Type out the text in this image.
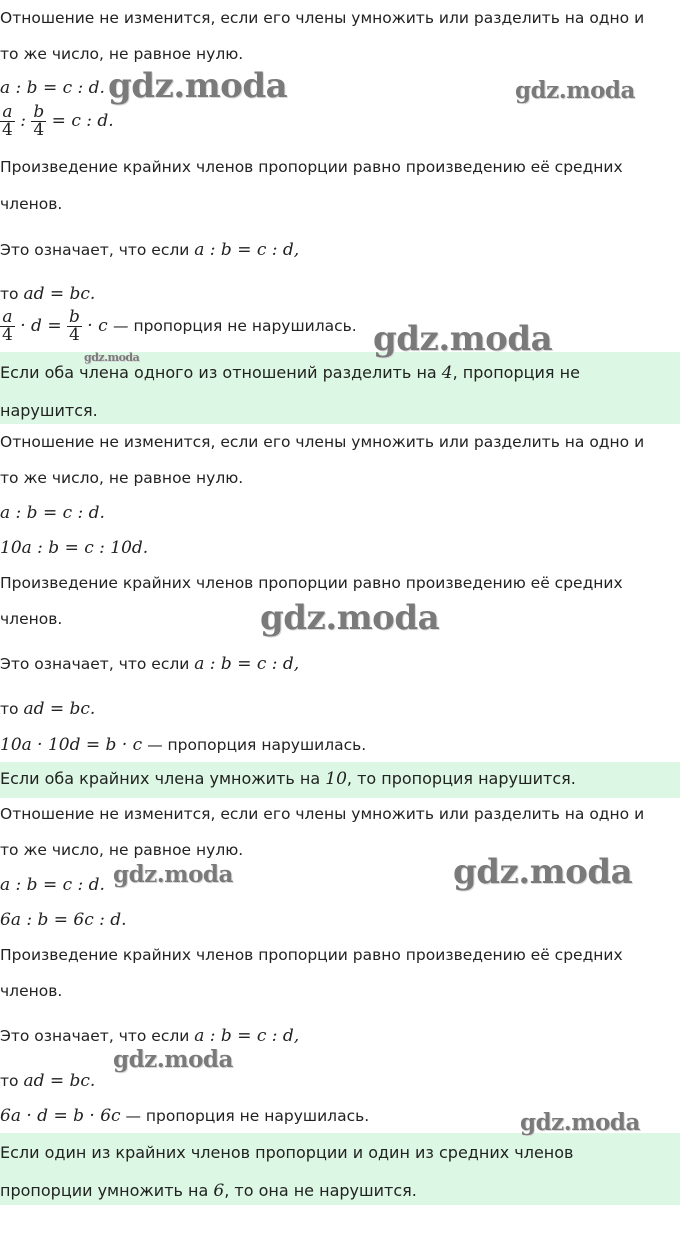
Отношение не изменится, если его члены умножить или разделить на одно и
то же число, не равное нулю.
a : b = c : d.
$\frac{a}{4}$ : $\frac{b}{4} = c$ : d.
Произведение крайних членов пропорции равно произведению её средних
членов.
Это означает, что если a : b = c : d,
то ad = bc.
$\frac{a}{4} \cdot d = \frac{b}{4} \cdot c$ — пропорция не нарушилась.
Если оба члена одного из отношений разделить на 4, пропорция не
нарушится.
Отношение не изменится, если его члены умножить или разделить на одно и
то же число, не равное нулю.
a : b = c : d.
10a : b = c : 10d.
Произведение крайних членов пропорции равно произведению её средних
членов.
Это означает, что если a : b = c : d,
то ad = bc.
10a · 10d = b · c — пропорция нарушилась.
Если оба крайних члена умножить на 10, то пропорция нарушится.
Отношение не изменится, если его члены умножить или разделить на одно и
то же число, не равное нулю.
a : b = c : d.
6a : b = 6c : d.
Произведение крайних членов пропорции равно произведению её средних
членов.
Это означает, что если a : b = c : d,
то ad = bc.
6a · d = b · 6c — пропорция не нарушилась.
Если один из крайних членов пропорции и один из средних членов
пропорции умножить на 6, то она не нарушится.
gdz.moda	gdz.moda
gdz.moda
gdz.moda
gdz.moda
gdz.moda	gdz.moda
gdz.moda
gdz.moda
